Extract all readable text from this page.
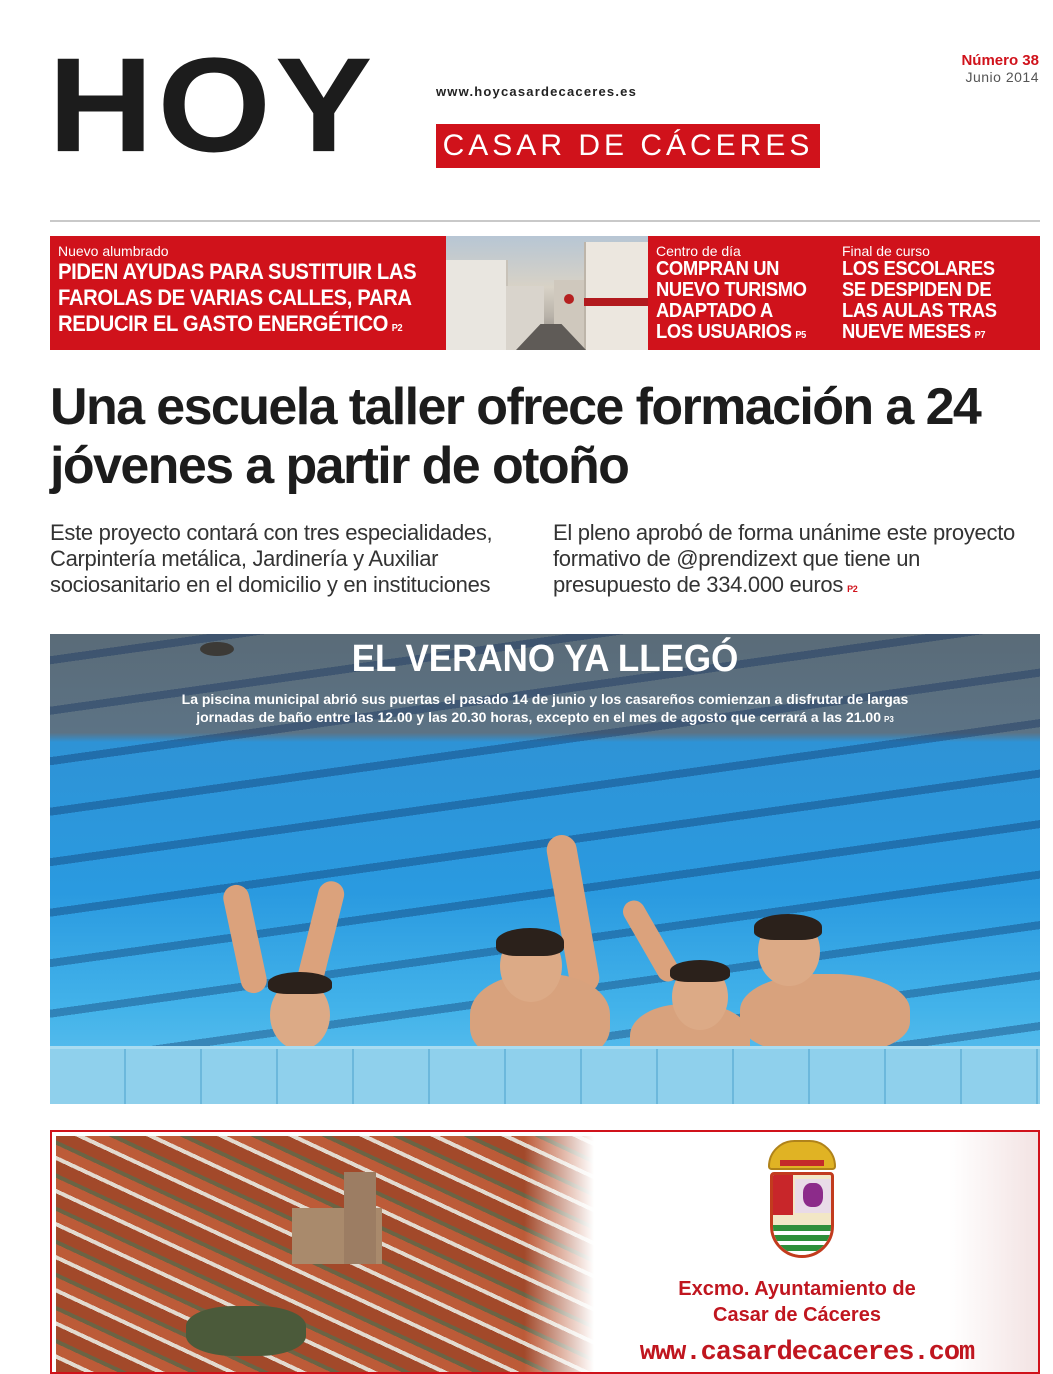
HOY	www.hoycasardecaceres.es
CASAR DE CÁCERES
Número 38
Junio 2014
Nuevo alumbrado
PIDEN AYUDAS PARA SUSTITUIR LAS FAROLAS DE VARIAS CALLES, PARA REDUCIR EL GASTO ENERGÉTICO P2
Centro de día
COMPRAN UN NUEVO TURISMO ADAPTADO A LOS USUARIOS P5
Final de curso
LOS ESCOLARES SE DESPIDEN DE LAS AULAS TRAS NUEVE MESES P7
Una escuela taller ofrece formación a 24 jóvenes a partir de otoño

Este proyecto contará con tres especialidades, Carpintería metálica, Jardinería y Auxiliar sociosanitario en el domicilio y en instituciones

El pleno aprobó de forma unánime este proyecto formativo de @prendizext que tiene un presupuesto de 334.000 euros P2

EL VERANO YA LLEGÓ
La piscina municipal abrió sus puertas el pasado 14 de junio y los casareños comienzan a disfrutar de largas jornadas de baño entre las 12.00 y las 20.30 horas, excepto en el mes de agosto que cerrará a las 21.00 P3
Excmo. Ayuntamiento de
Casar de Cáceres
www.casardecaceres.com
